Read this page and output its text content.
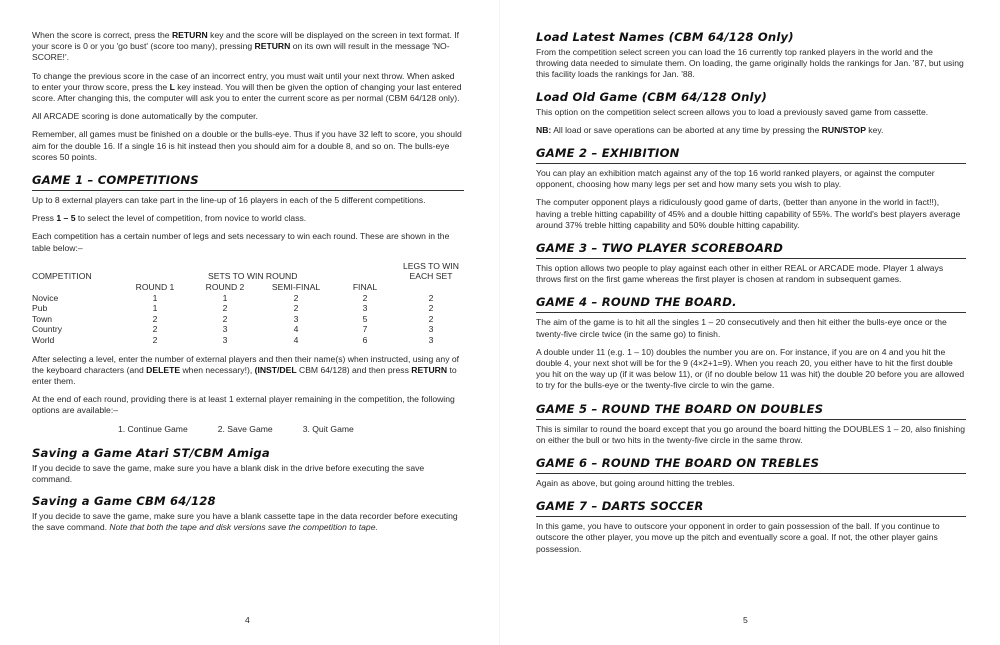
When the score is correct, press the RETURN key and the score will be displayed on the screen in text format. If your score is 0 or you 'go bust' (score too many), pressing RETURN on its own will result in the message 'NO-SCORE!'.

To change the previous score in the case of an incorrect entry, you must wait until your next throw. When asked to enter your throw score, press the L key instead. You will then be given the option of changing your last entered score. After changing this, the computer will ask you to enter the current score as per normal (CBM 64/128 only).

All ARCADE scoring is done automatically by the computer.

Remember, all games must be finished on a double or the bulls-eye. Thus if you have 32 left to score, you should aim for the double 16. If a single 16 is hit instead then you should aim for a double 8, and so on. The bulls-eye scores 50 points.

GAME 1 – COMPETITIONS

Up to 8 external players can take part in the line-up of 16 players in each of the 5 different competitions.

Press 1 – 5 to select the level of competition, from novice to world class.

Each competition has a certain number of legs and sets necessary to win each round. These are shown in the table below:–

COMPETITION	SETS TO WIN ROUND				LEGS TO WIN EACH SET
	ROUND 1	ROUND 2	SEMI-FINAL	FINAL	
Novice	1	1	2	2	2
Pub	1	2	2	3	2
Town	2	2	3	5	2
Country	2	3	4	7	3
World	2	3	4	6	3

After selecting a level, enter the number of external players and then their name(s) when instructed, using any of the keyboard characters (and DELETE when necessary!), (INST/DEL CBM 64/128) and then press RETURN to enter them.

At the end of each round, providing there is at least 1 external player remaining in the competition, the following options are available:–

1. Continue Game	2. Save Game	3. Quit Game
Saving a Game Atari ST/CBM Amiga

If you decide to save the game, make sure you have a blank disk in the drive before executing the save command.

Saving a Game CBM 64/128

If you decide to save the game, make sure you have a blank cassette tape in the data recorder before executing the save command. Note that both the tape and disk versions save the competition to tape.

4
Load Latest Names (CBM 64/128 Only)

From the competition select screen you can load the 16 currently top ranked players in the world and the throwing data needed to simulate them. On loading, the game originally holds the rankings for Jan. '87, but using this facility loads the rankings for Jan. '88.

Load Old Game (CBM 64/128 Only)

This option on the competition select screen allows you to load a previously saved game from cassette.

NB: All load or save operations can be aborted at any time by pressing the RUN/STOP key.

GAME 2 – EXHIBITION

You can play an exhibition match against any of the top 16 world ranked players, or against the computer opponent, choosing how many legs per set and how many sets you wish to play.

The computer opponent plays a ridiculously good game of darts, (better than anyone in the world in fact!!), having a treble hitting capability of 45% and a double hitting capability of 55%. The world's best players average around 37% treble hitting capability and 50% double hitting capability.

GAME 3 – TWO PLAYER SCOREBOARD

This option allows two people to play against each other in either REAL or ARCADE mode. Player 1 always throws first on the first game whereas the first player is chosen at random in subsequent games.

GAME 4 – ROUND THE BOARD.

The aim of the game is to hit all the singles 1 – 20 consecutively and then hit either the bulls-eye once or the twenty-five circle twice (in the same go) to finish.

A double under 11 (e.g. 1 – 10) doubles the number you are on. For instance, if you are on 4 and you hit the double 4, your next shot will be for the 9 (4×2+1=9). When you reach 20, you either have to hit the first double you hit on the way up (if it was below 11), or (if no double below 11 was hit) the double 20 before you are allowed to try for the bulls-eye or the twenty-five circle to win the game.

GAME 5 – ROUND THE BOARD ON DOUBLES

This is similar to round the board except that you go around the board hitting the DOUBLES 1 – 20, also finishing on either the bull or two hits in the twenty-five circle in the same throw.

GAME 6 – ROUND THE BOARD ON TREBLES

Again as above, but going around hitting the trebles.

GAME 7 – DARTS SOCCER

In this game, you have to outscore your opponent in order to gain possession of the ball. If you continue to outscore the other player, you move up the pitch and eventually score a goal. If not, the other player gains possession.

5
